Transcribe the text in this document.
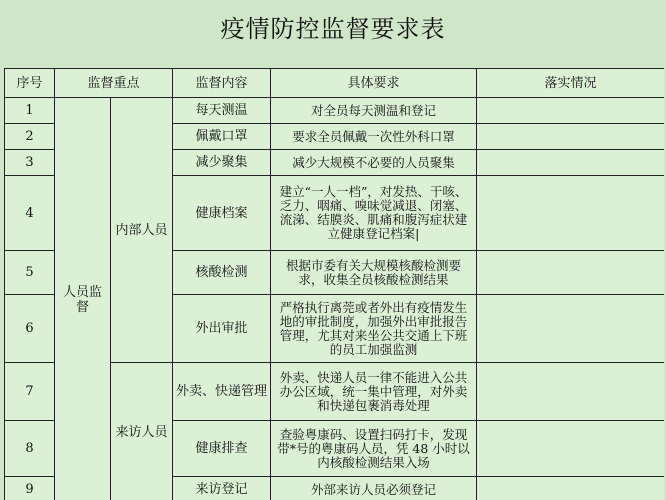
疫情防控监督要求表
序号	监督重点		监督内容	具体要求	落实情况
1	人员监督	内部人员	每天测温	对全员每天测温和登记	
2			佩戴口罩	要求全员佩戴一次性外科口罩	
3			减少聚集	减少大规模不必要的人员聚集	
4			健康档案	建立“一人一档”，对发热、干咳、乏力、咽痛、嗅味觉减退、闭塞、流涕、结膜炎、肌痛和腹泻症状建立健康登记档案|	
5			核酸检测	根据市委有关大规模核酸检测要求，收集全员核酸检测结果	
6			外出审批	严格执行离莞或者外出有疫情发生 地的审批制度，加强外出审批报告 管理，尤其对来坐公共交通上下班 的员工加强监测	
7		来访人员	外卖、快递管理	外卖、快递人员一律不能进入公共办公区域，统一集中管理，对外卖和快递包裹消毒处理	
8			健康排查	查验粤康码、设置扫码打卡，发现带*号的粤康码人员，凭 48 小时以内核酸检测结果入场	
9			来访登记	外部来访人员必须登记	
